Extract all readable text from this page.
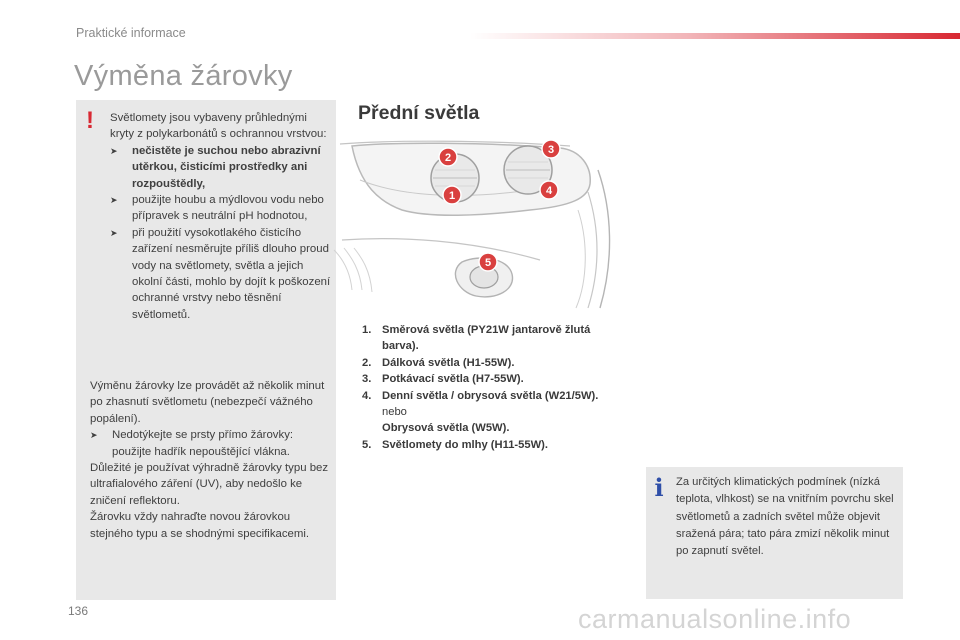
Praktické informace
Výměna žárovky
! Světlomety jsou vybaveny průhlednými kryty z polykarbonátů s ochrannou vrstvou:

➤ nečistěte je suchou nebo abrazivní utěrkou, čisticími prostředky ani rozpouštědly,
➤ použijte houbu a mýdlovou vodu nebo přípravek s neutrální pH hodnotou,
➤ při použití vysokotlakého čisticího zařízení nesměrujte příliš dlouho proud vody na světlomety, světla a jejich okolní části, mohlo by dojít k poškození ochranné vrstvy nebo těsnění světlometů.

Výměnu žárovky lze provádět až několik minut po zhasnutí světlometu (nebezpečí vážného popálení).

➤ Nedotýkejte se prsty přímo žárovky: použijte hadřík nepouštějící vlákna.

Důležité je používat výhradně žárovky typu bez ultrafialového záření (UV), aby nedošlo ke zničení reflektoru.

Žárovku vždy nahraďte novou žárovkou stejného typu a se shodnými specifikacemi.

Přední světla
2
3
1	4
5
1. Směrová světla (PY21W jantarově žlutá barva).
2. Dálková světla (H1-55W).
3. Potkávací světla (H7-55W).
4. Denní světla / obrysová světla (W21/5W).
nebo
Obrysová světla (W5W).
5. Světlomety do mlhy (H11-55W).
i Za určitých klimatických podmínek (nízká teplota, vlhkost) se na vnitřním povrchu skel světlometů a zadních světel může objevit sražená pára; tato pára zmizí několik minut po zapnutí světel.

136	carmanualsonline.info
